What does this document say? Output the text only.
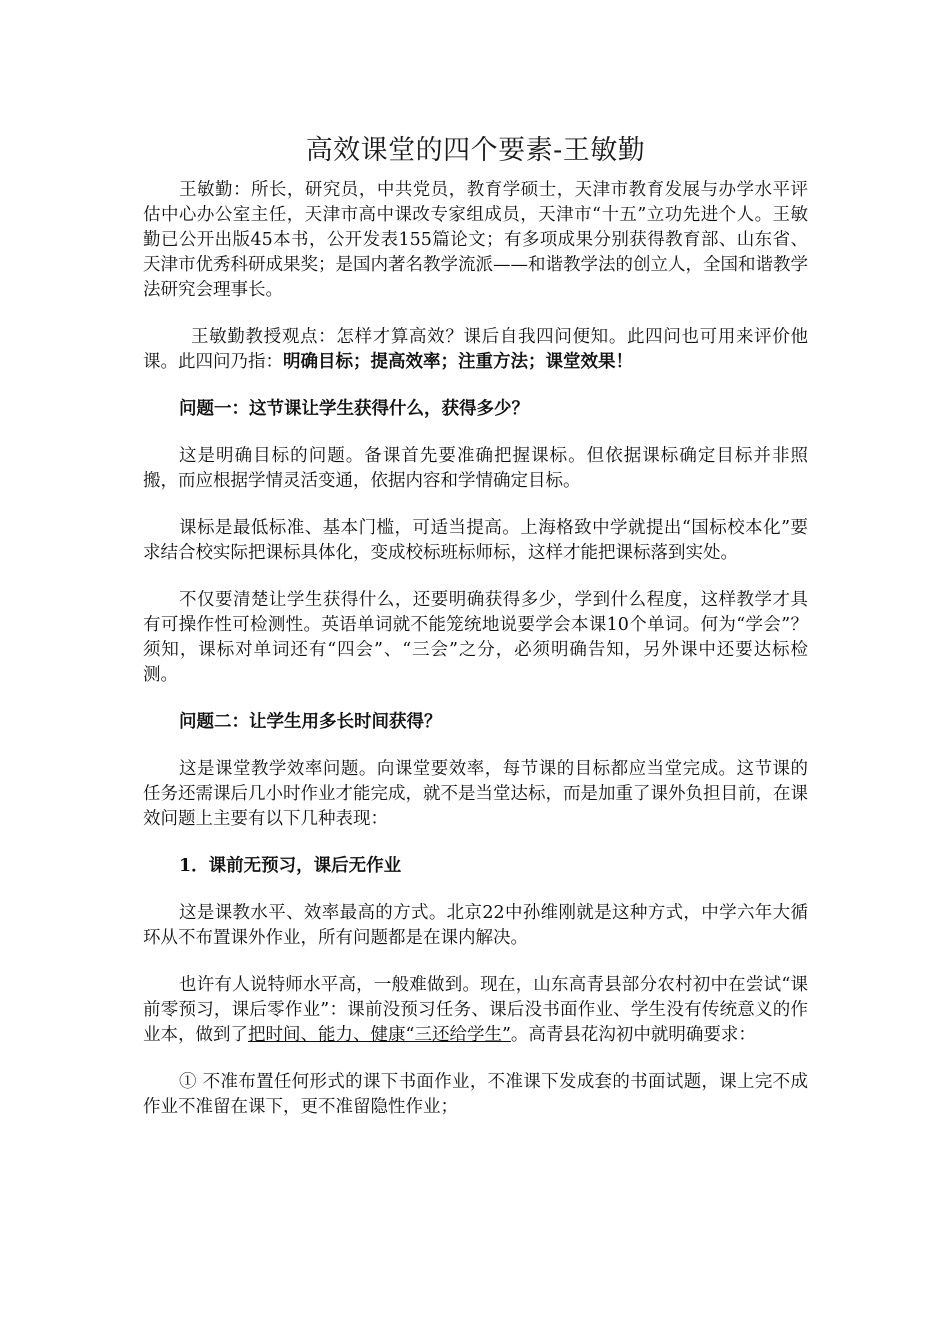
高效课堂的四个要素-王敏勤

王敏勤：所长，研究员，中共党员，教育学硕士，天津市教育发展与办学水平评估中心办公室主任，天津市高中课改专家组成员，天津市“十五”立功先进个人。王敏勤已公开出版45本书，公开发表155篇论文；有多项成果分别获得教育部、山东省、天津市优秀科研成果奖；是国内著名教学流派——和谐教学法的创立人，全国和谐教学法研究会理事长。

王敏勤教授观点：怎样才算高效？课后自我四问便知。此四问也可用来评价他课。此四问乃指：明确目标；提高效率；注重方法；课堂效果！

问题一：这节课让学生获得什么，获得多少？

这是明确目标的问题。备课首先要准确把握课标。但依据课标确定目标并非照搬，而应根据学情灵活变通，依据内容和学情确定目标。

课标是最低标准、基本门槛，可适当提高。上海格致中学就提出“国标校本化”要求结合校实际把课标具体化，变成校标班标师标，这样才能把课标落到实处。

不仅要清楚让学生获得什么，还要明确获得多少，学到什么程度，这样教学才具有可操作性可检测性。英语单词就不能笼统地说要学会本课10个单词。何为“学会”？须知，课标对单词还有“四会”、“三会”之分，必须明确告知，另外课中还要达标检测。

问题二：让学生用多长时间获得？

这是课堂教学效率问题。向课堂要效率，每节课的目标都应当堂完成。这节课的任务还需课后几小时作业才能完成，就不是当堂达标，而是加重了课外负担目前，在课效问题上主要有以下几种表现：

1．课前无预习，课后无作业

这是课教水平、效率最高的方式。北京22中孙维刚就是这种方式，中学六年大循环从不布置课外作业，所有问题都是在课内解决。

也许有人说特师水平高，一般难做到。现在，山东高青县部分农村初中在尝试“课前零预习，课后零作业”：课前没预习任务、课后没书面作业、学生没有传统意义的作业本，做到了把时间、能力、健康“三还给学生”。高青县花沟初中就明确要求：

① 不准布置任何形式的课下书面作业，不准课下发成套的书面试题，课上完不成作业不准留在课下，更不准留隐性作业；
